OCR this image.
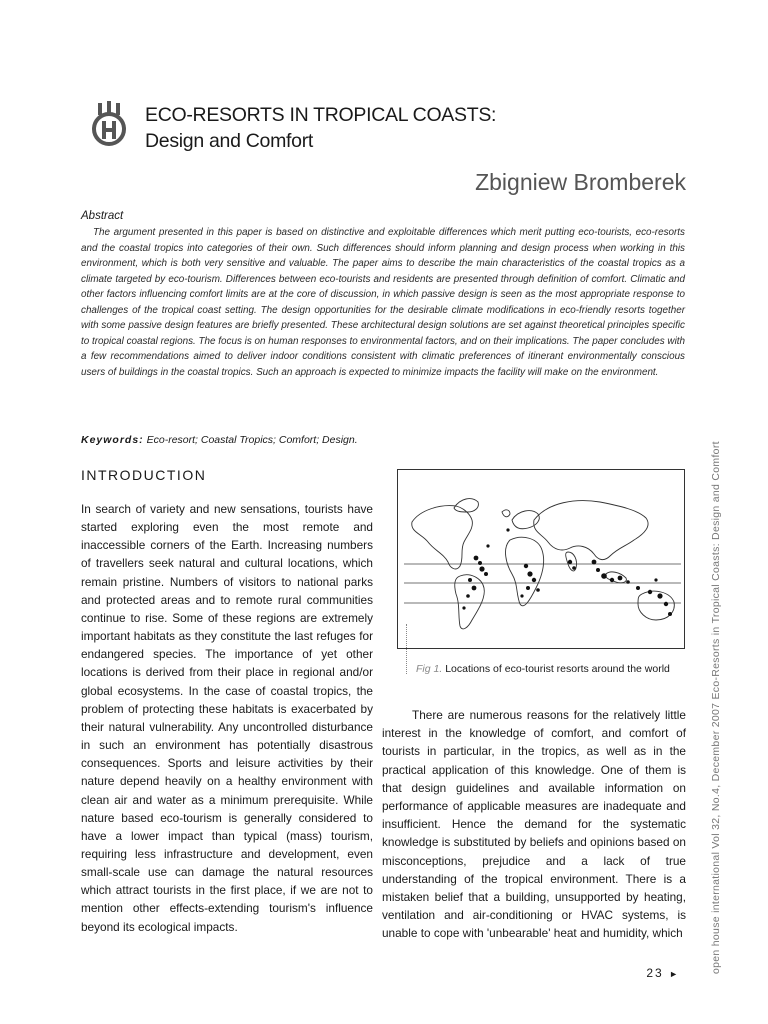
ECO-RESORTS IN TROPICAL COASTS:
Design and Comfort
Zbigniew Bromberek
Abstract

The argument presented in this paper is based on distinctive and exploitable differences which merit putting eco-tourists, eco-resorts and the coastal tropics into categories of their own. Such differences should inform planning and design process when working in this environment, which is both very sensitive and valuable. The paper aims to describe the main characteristics of the coastal tropics as a climate targeted by eco-tourism. Differences between eco-tourists and residents are presented through definition of comfort. Climatic and other factors influencing comfort limits are at the core of discussion, in which passive design is seen as the most appropriate response to challenges of the tropical coast setting. The design opportunities for the desirable climate modifications in eco-friendly resorts together with some passive design features are briefly presented. These architectural design solutions are set against theoretical principles specific to tropical coastal regions. The focus is on human responses to environmental factors, and on their implications. The paper concludes with a few recommendations aimed to deliver indoor conditions consistent with climatic preferences of itinerant environmentally conscious users of buildings in the coastal tropics. Such an approach is expected to minimize impacts the facility will make on the environment.

Keywords: Eco-resort; Coastal Tropics; Comfort; Design.

INTRODUCTION

In search of variety and new sensations, tourists have started exploring even the most remote and inaccessible corners of the Earth. Increasing numbers of travellers seek natural and cultural locations, which remain pristine. Numbers of visitors to national parks and protected areas and to remote rural communities continue to rise. Some of these regions are extremely important habitats as they constitute the last refuges for endangered species. The importance of yet other locations is derived from their place in regional and/or global ecosystems. In the case of coastal tropics, the problem of protecting these habitats is exacerbated by their natural vulnerability. Any uncontrolled disturbance in such an environment has potentially disastrous consequences. Sports and leisure activities by their nature depend heavily on a healthy environment with clean air and water as a minimum prerequisite. While nature based eco-tourism is generally considered to have a lower impact than typical (mass) tourism, requiring less infrastructure and development, even small-scale use can damage the natural resources which attract tourists in the first place, if we are not to mention other effects-extending tourism's influence beyond its ecological impacts.

Fig 1. Locations of eco-tourist resorts around the world

There are numerous reasons for the relatively little interest in the knowledge of comfort, and comfort of tourists in particular, in the tropics, as well as in the practical application of this knowledge. One of them is that design guidelines and available information on performance of applicable measures are inadequate and insufficient. Hence the demand for the systematic knowledge is substituted by beliefs and opinions based on misconceptions, prejudice and a lack of true understanding of the tropical environment. There is a mistaken belief that a building, unsupported by heating, ventilation and air-conditioning or HVAC systems, is unable to cope with 'unbearable' heat and humidity, which

23 ►	open house international Vol 32, No.4, December 2007 Eco-Resorts in Tropical Coasts: Design and Comfort
